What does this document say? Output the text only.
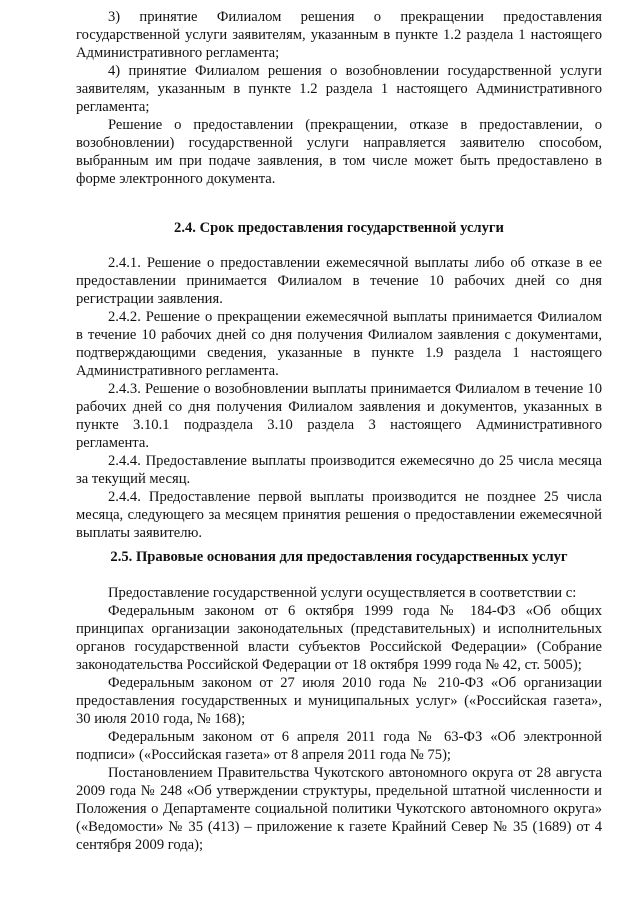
3) принятие Филиалом решения о прекращении предоставления государственной услуги заявителям, указанным в пункте 1.2 раздела 1 настоящего Административного регламента;

4) принятие Филиалом решения о возобновлении государственной услуги заявителям, указанным в пункте 1.2 раздела 1 настоящего Административного регламента;

Решение о предоставлении (прекращении, отказе в предоставлении, о возобновлении) государственной услуги направляется заявителю способом, выбранным им при подаче заявления, в том числе может быть предоставлено в форме электронного документа.

2.4. Срок предоставления государственной услуги

2.4.1. Решение о предоставлении ежемесячной выплаты либо об отказе в ее предоставлении принимается Филиалом в течение 10 рабочих дней со дня регистрации заявления.

2.4.2. Решение о прекращении ежемесячной выплаты принимается Филиалом в течение 10 рабочих дней со дня получения Филиалом заявления с документами, подтверждающими сведения, указанные в пункте 1.9 раздела 1 настоящего Административного регламента.

2.4.3. Решение о возобновлении выплаты принимается Филиалом в течение 10 рабочих дней со дня получения Филиалом заявления и документов, указанных в пункте 3.10.1 подраздела 3.10 раздела 3 настоящего Административного регламента.

2.4.4. Предоставление выплаты производится ежемесячно до 25 числа месяца за текущий месяц.

2.4.4. Предоставление первой выплаты производится не позднее 25 числа месяца, следующего за месяцем принятия решения о предоставлении ежемесячной выплаты заявителю.

2.5. Правовые основания для предоставления государственных услуг

Предоставление государственной услуги осуществляется в соответствии с:

Федеральным законом от 6 октября 1999 года № 184-ФЗ «Об общих принципах организации законодательных (представительных) и исполнительных органов государственной власти субъектов Российской Федерации» (Собрание законодательства Российской Федерации от 18 октября 1999 года № 42, ст. 5005);

Федеральным законом от 27 июля 2010 года № 210-ФЗ «Об организации предоставления государственных и муниципальных услуг» («Российская газета», 30 июля 2010 года, № 168);

Федеральным законом от 6 апреля 2011 года № 63-ФЗ «Об электронной подписи» («Российская газета» от 8 апреля 2011 года № 75);

Постановлением Правительства Чукотского автономного округа от 28 августа 2009 года № 248 «Об утверждении структуры, предельной штатной численности и Положения о Департаменте социальной политики Чукотского автономного округа» («Ведомости» № 35 (413) – приложение к газете Крайний Север № 35 (1689) от 4 сентября 2009 года);
